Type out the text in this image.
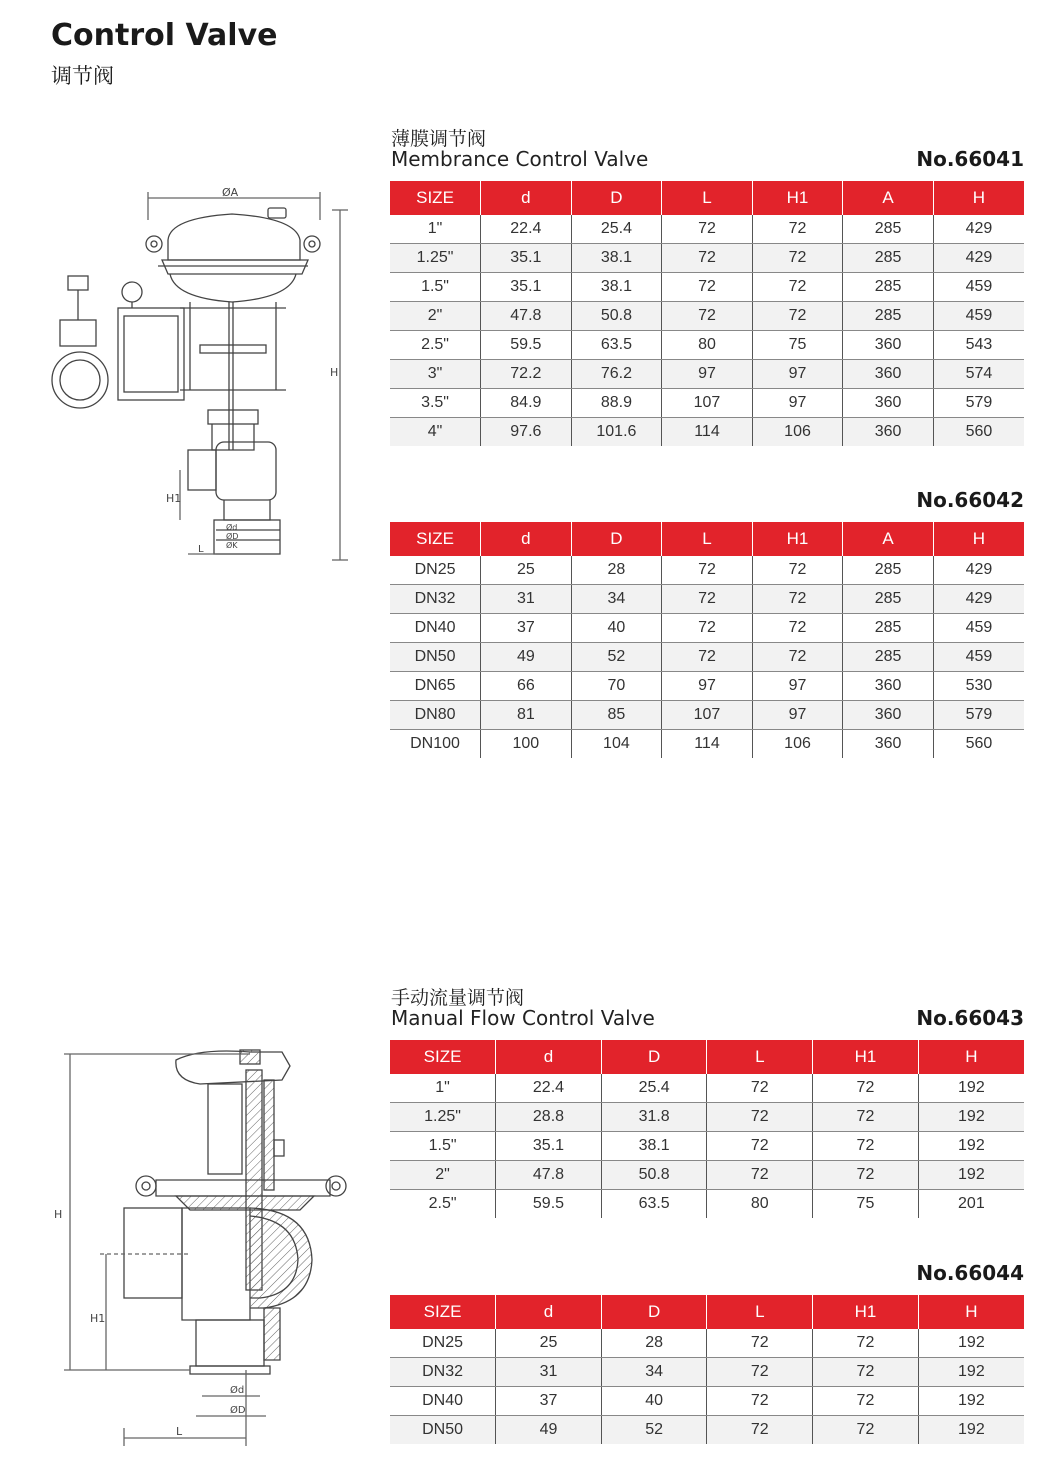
Control Valve
调节阀
薄膜调节阀
Membrance Control Valve	No.66041
SIZE	d	D	L	H1	A	H
1"	22.4	25.4	72	72	285	429
1.25"	35.1	38.1	72	72	285	429
1.5"	35.1	38.1	72	72	285	459
2"	47.8	50.8	72	72	285	459
2.5"	59.5	63.5	80	75	360	543
3"	72.2	76.2	97	97	360	574
3.5"	84.9	88.9	107	97	360	579
4"	97.6	101.6	114	106	360	560
No.66042
SIZE	d	D	L	H1	A	H
DN25	25	28	72	72	285	429
DN32	31	34	72	72	285	429
DN40	37	40	72	72	285	459
DN50	49	52	72	72	285	459
DN65	66	70	97	97	360	530
DN80	81	85	107	97	360	579
DN100	100	104	114	106	360	560
ØA
H
H1
L
Ød
ØD
ØK
手动流量调节阀
Manual Flow Control Valve	No.66043
SIZE	d	D	L	H1	H
1"	22.4	25.4	72	72	192
1.25"	28.8	31.8	72	72	192
1.5"	35.1	38.1	72	72	192
2"	47.8	50.8	72	72	192
2.5"	59.5	63.5	80	75	201
No.66044
SIZE	d	D	L	H1	H
DN25	25	28	72	72	192
DN32	31	34	72	72	192
DN40	37	40	72	72	192
DN50	49	52	72	72	192
H
H1
Ød
ØD
L
